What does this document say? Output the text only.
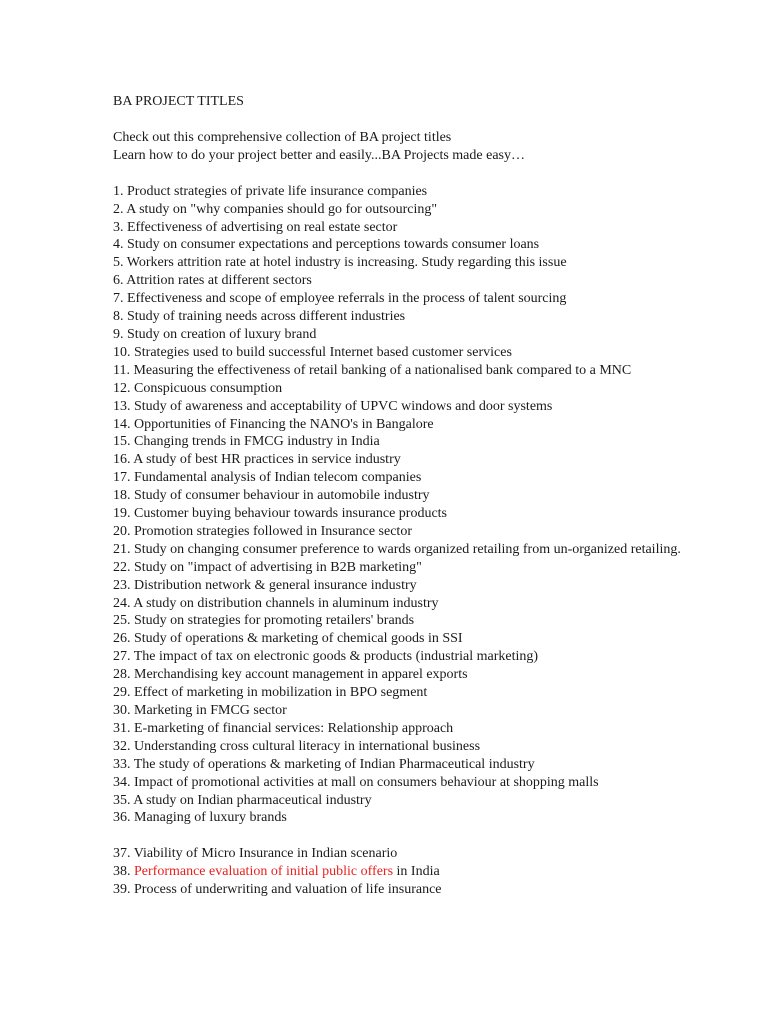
BA PROJECT TITLES
Check out this comprehensive collection of BA project titles
Learn how to do your project better and easily...BA Projects made easy…
1. Product strategies of private life insurance companies
2. A study on "why companies should go for outsourcing"
3. Effectiveness of advertising on real estate sector
4. Study on consumer expectations and perceptions towards consumer loans
5. Workers attrition rate at hotel industry is increasing. Study regarding this issue
6. Attrition rates at different sectors
7. Effectiveness and scope of employee referrals in the process of talent sourcing
8. Study of training needs across different industries
9. Study on creation of luxury brand
10. Strategies used to build successful Internet based customer services
11. Measuring the effectiveness of retail banking of a nationalised bank compared to a MNC
12. Conspicuous consumption
13. Study of awareness and acceptability of UPVC windows and door systems
14. Opportunities of Financing the NANO's in Bangalore
15. Changing trends in FMCG industry in India
16. A study of best HR practices in service industry
17. Fundamental analysis of Indian telecom companies
18. Study of consumer behaviour in automobile industry
19. Customer buying behaviour towards insurance products
20. Promotion strategies followed in Insurance sector
21. Study on changing consumer preference to wards organized retailing from un-organized retailing.
22. Study on "impact of advertising in B2B marketing"
23. Distribution network & general insurance industry
24. A study on distribution channels in aluminum industry
25. Study on strategies for promoting retailers' brands
26. Study of operations & marketing of chemical goods in SSI
27. The impact of tax on electronic goods & products (industrial marketing)
28. Merchandising key account management in apparel exports
29. Effect of marketing in mobilization in BPO segment
30. Marketing in FMCG sector
31. E-marketing of financial services: Relationship approach
32. Understanding cross cultural literacy in international business
33. The study of operations & marketing of Indian Pharmaceutical industry
34. Impact of promotional activities at mall on consumers behaviour at shopping malls
35. A study on Indian pharmaceutical industry
36. Managing of luxury brands
37. Viability of Micro Insurance in Indian scenario
38. Performance evaluation of initial public offers in India
39. Process of underwriting and valuation of life insurance
